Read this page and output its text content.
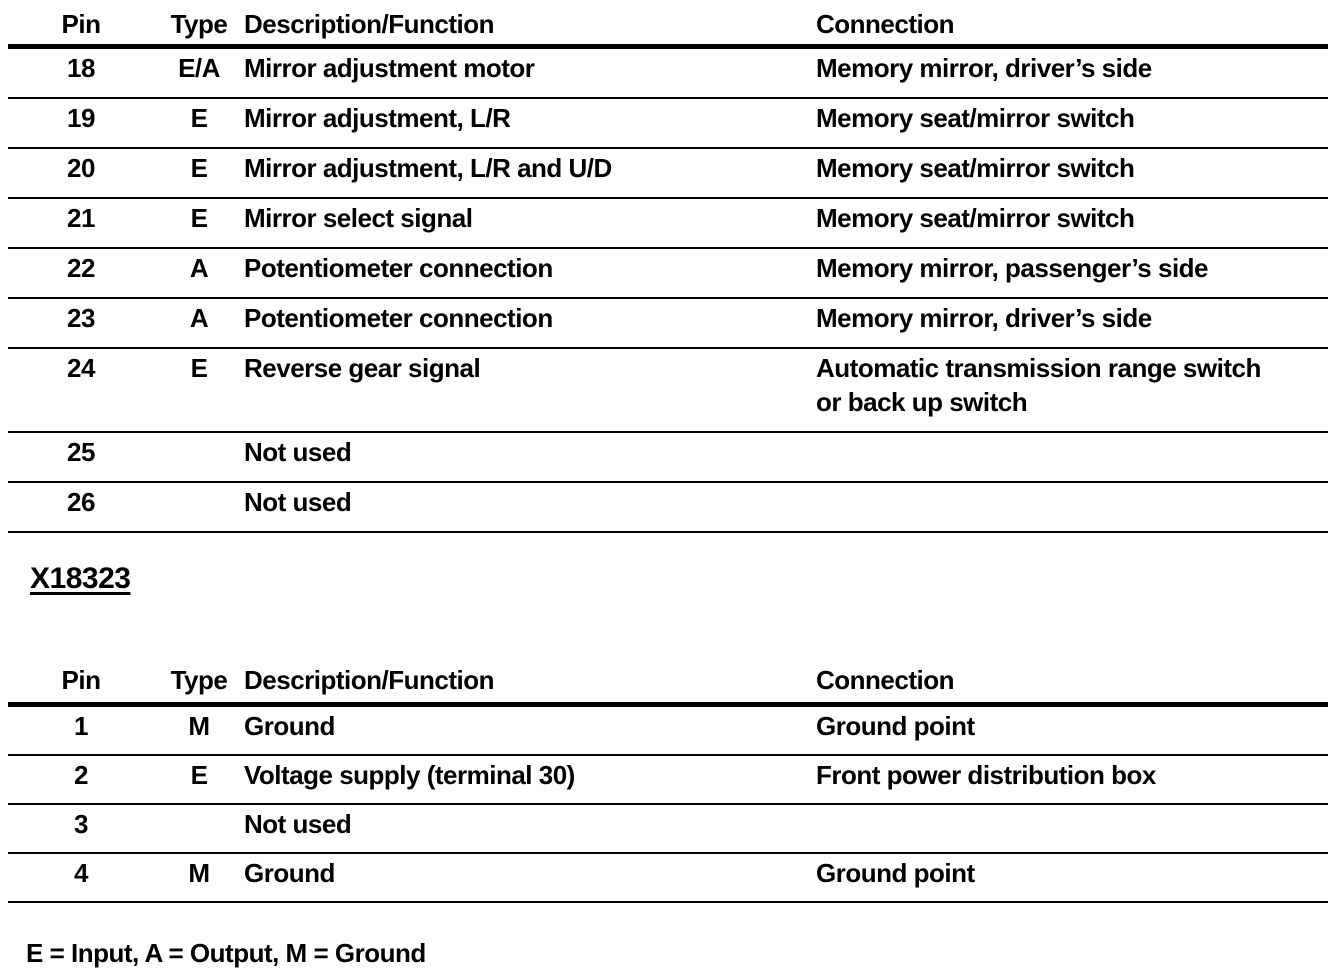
Pin	Type	Description/Function	Connection
18	E/A	Mirror adjustment motor	Memory mirror, driver’s side
19	E	Mirror adjustment, L/R	Memory seat/mirror switch
20	E	Mirror adjustment, L/R and U/D	Memory seat/mirror switch
21	E	Mirror select signal	Memory seat/mirror switch
22	A	Potentiometer connection	Memory mirror, passenger’s side
23	A	Potentiometer connection	Memory mirror, driver’s side
24	E	Reverse gear signal	Automatic transmission range switch
or back up switch

25		Not used	
26		Not used	
X18323
Pin	Type	Description/Function	Connection
1	M	Ground	Ground point
2	E	Voltage supply (terminal 30)	Front power distribution box
3		Not used	
4	M	Ground	Ground point

E = Input, A = Output, M = Ground
